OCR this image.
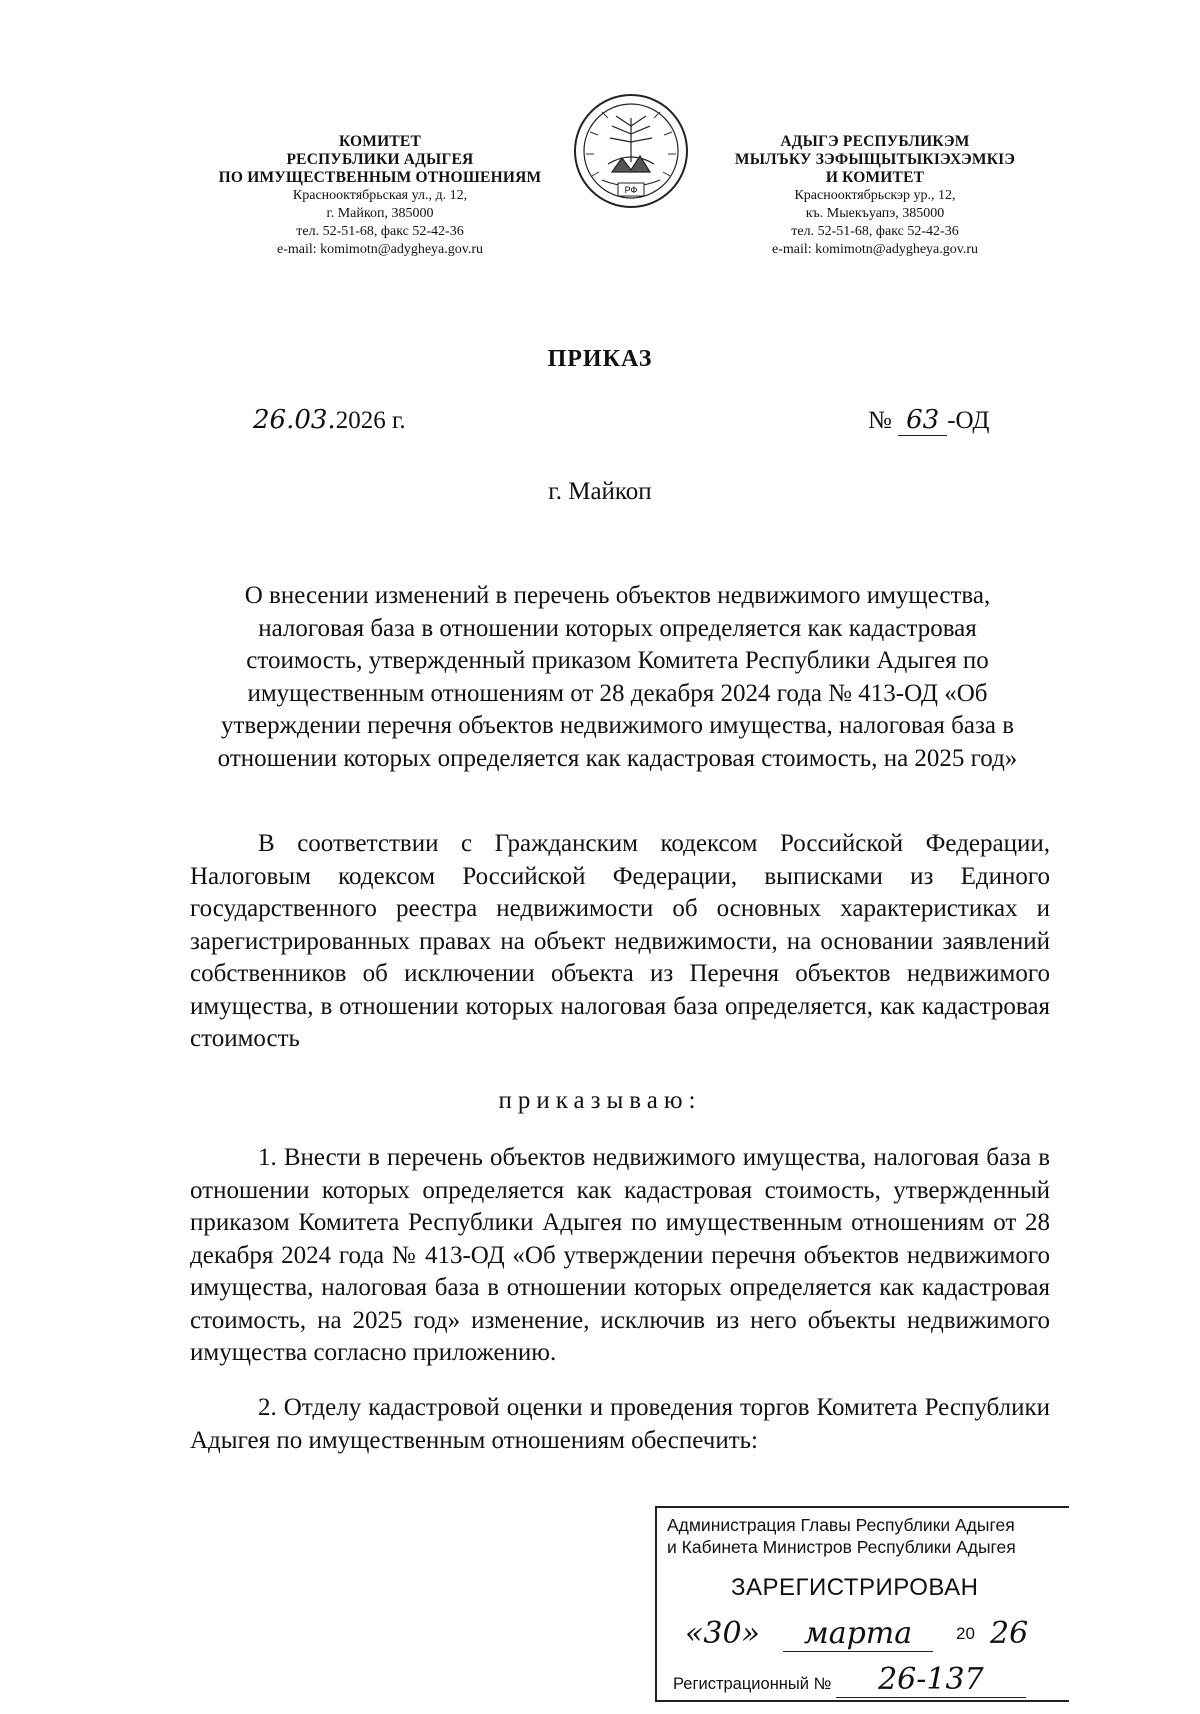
КОМИТЕТ
РЕСПУБЛИКИ АДЫГЕЯ
ПО ИМУЩЕСТВЕННЫМ ОТНОШЕНИЯМ
Краснооктябрьская ул., д. 12,
г. Майкоп, 385000
тел. 52-51-68, факс 52-42-36
e-mail: komimotn@adygheya.gov.ru
РФ
АДЫГЭ РЕСПУБЛИКЭМ
МЫЛЪКУ ЗЭФЫЩЫТЫКIЭХЭМКIЭ
И КОМИТЕТ
Краснооктябрьскэр ур., 12,
къ. Мыекъуапэ, 385000
тел. 52-51-68, факс 52-42-36
e-mail: komimotn@adygheya.gov.ru
ПРИКАЗ
26.03.2026 г.	№ 63 -ОД
г. Майкоп
О внесении изменений в перечень объектов недвижимого имущества, налоговая база в отношении которых определяется как кадастровая стоимость, утвержденный приказом Комитета Республики Адыгея по имущественным отношениям от 28 декабря 2024 года № 413-ОД «Об утверждении перечня объектов недвижимого имущества, налоговая база в отношении которых определяется как кадастровая стоимость, на 2025 год»
В соответствии с Гражданским кодексом Российской Федерации, Налоговым кодексом Российской Федерации, выписками из Единого государственного реестра недвижимости об основных характеристиках и зарегистрированных правах на объект недвижимости, на основании заявлений собственников об исключении объекта из Перечня объектов недвижимого имущества, в отношении которых налоговая база определяется, как кадастровая стоимость
приказываю:
1. Внести в перечень объектов недвижимого имущества, налоговая база в отношении которых определяется как кадастровая стоимость, утвержденный приказом Комитета Республики Адыгея по имущественным отношениям от 28 декабря 2024 года № 413-ОД «Об утверждении перечня объектов недвижимого имущества, налоговая база в отношении которых определяется как кадастровая стоимость, на 2025 год» изменение, исключив из него объекты недвижимого имущества согласно приложению.
2. Отделу кадастровой оценки и проведения торгов Комитета Республики Адыгея по имущественным отношениям обеспечить:
Администрация Главы Республики Адыгея
и Кабинета Министров Республики Адыгея
ЗАРЕГИСТРИРОВАН
«30»	марта	20 26
Регистрационный № 26-137
